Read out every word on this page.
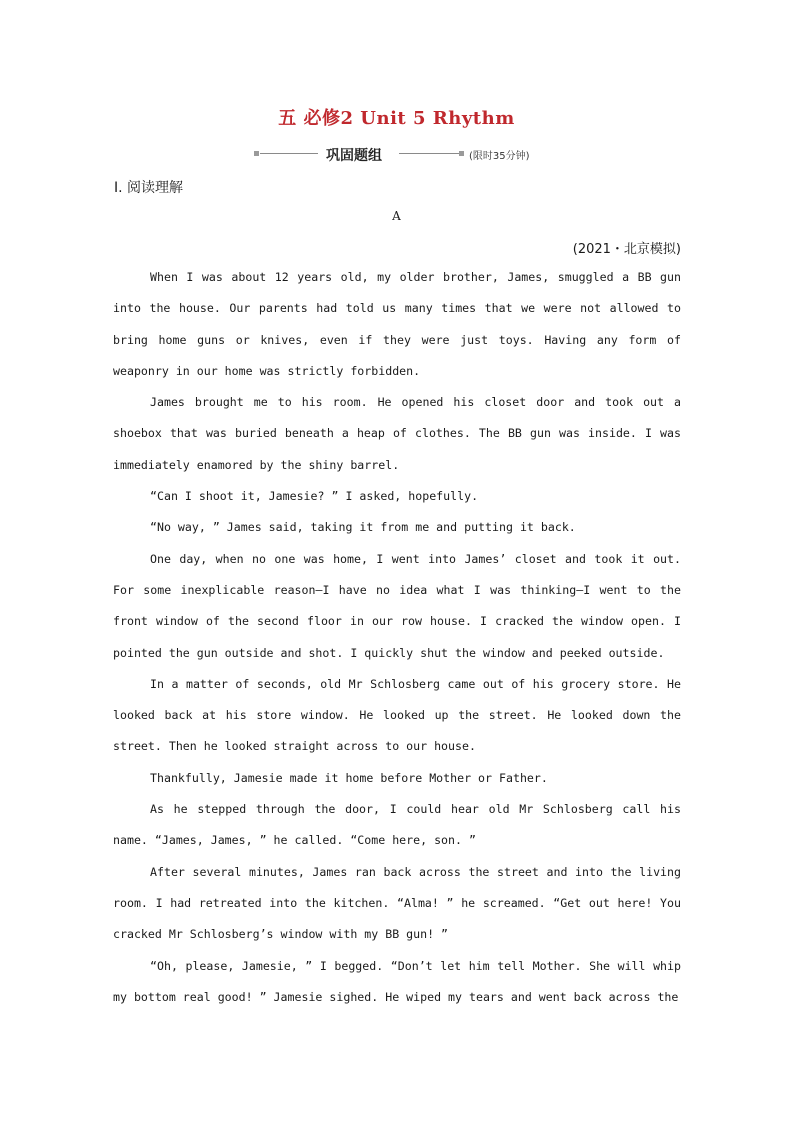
五 必修2 Unit 5 Rhythm
巩固题组	(限时35分钟)
Ⅰ. 阅读理解
A
(2021・北京模拟)

When I was about 12 years old, my older brother, James, smuggled a BB gun into the house. Our parents had told us many times that we were not allowed to bring home guns or knives, even if they were just toys. Having any form of weaponry in our home was strictly forbidden.

James brought me to his room. He opened his closet door and took out a shoebox that was buried beneath a heap of clothes. The BB gun was inside. I was immediately enamored by the shiny barrel.

“Can I shoot it, Jamesie? ” I asked, hopefully.

“No way, ” James said, taking it from me and putting it back.

One day, when no one was home, I went into James’ closet and took it out. For some inexplicable reason—I have no idea what I was thinking—I went to the front window of the second floor in our row house. I cracked the window open. I pointed the gun outside and shot. I quickly shut the window and peeked outside.

In a matter of seconds, old Mr Schlosberg came out of his grocery store. He looked back at his store window. He looked up the street. He looked down the street. Then he looked straight across to our house.

Thankfully, Jamesie made it home before Mother or Father.

As he stepped through the door, I could hear old Mr Schlosberg call his name. “James, James, ” he called. “Come here, son. ”

After several minutes, James ran back across the street and into the living room. I had retreated into the kitchen. “Alma! ” he screamed. “Get out here! You cracked Mr Schlosberg’s window with my BB gun! ”

“Oh, please, Jamesie, ” I begged. “Don’t let him tell Mother. She will whip my bottom real good! ” Jamesie sighed. He wiped my tears and went back across the
